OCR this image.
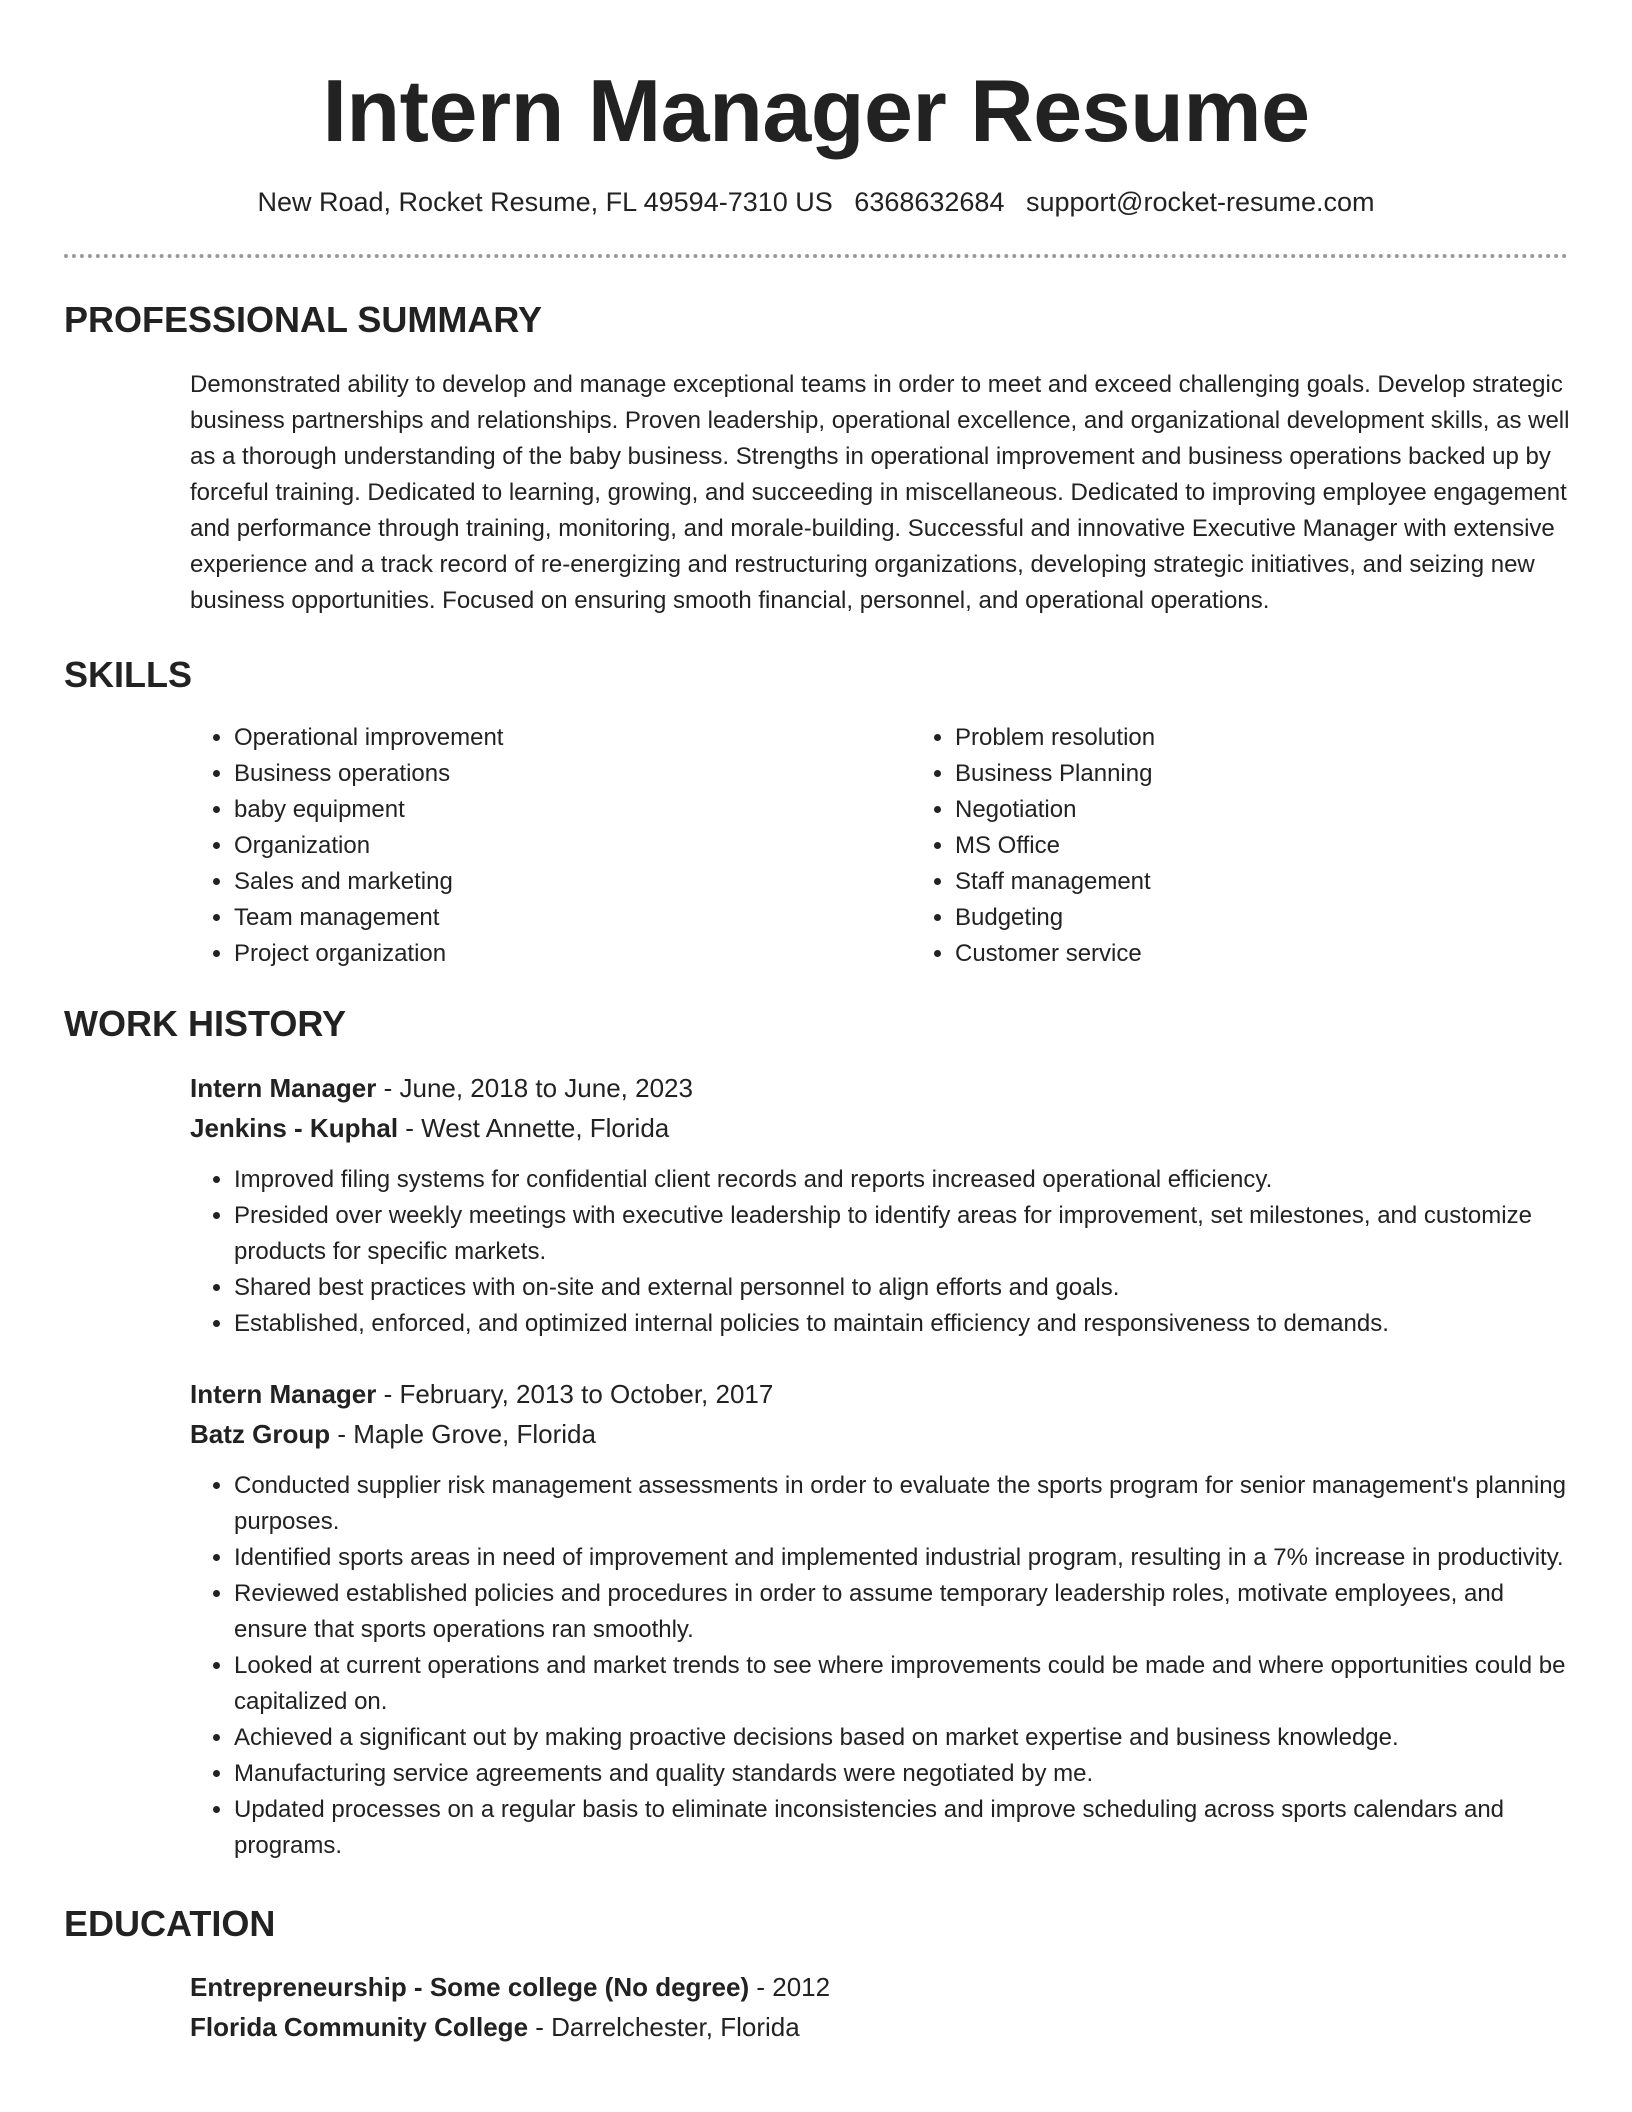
Intern Manager Resume
New Road, Rocket Resume, FL 49594-7310 US 6368632684 support@rocket-resume.com
PROFESSIONAL SUMMARY
Demonstrated ability to develop and manage exceptional teams in order to meet and exceed challenging goals. Develop strategic business partnerships and relationships. Proven leadership, operational excellence, and organizational development skills, as well as a thorough understanding of the baby business. Strengths in operational improvement and business operations backed up by forceful training. Dedicated to learning, growing, and succeeding in miscellaneous. Dedicated to improving employee engagement and performance through training, monitoring, and morale-building. Successful and innovative Executive Manager with extensive experience and a track record of re-energizing and restructuring organizations, developing strategic initiatives, and seizing new business opportunities. Focused on ensuring smooth financial, personnel, and operational operations.
SKILLS
• Operational improvement
• Business operations
• baby equipment
• Organization
• Sales and marketing
• Team management
• Project organization
• Problem resolution
• Business Planning
• Negotiation
• MS Office
• Staff management
• Budgeting
• Customer service
WORK HISTORY
Intern Manager - June, 2018 to June, 2023
Jenkins - Kuphal - West Annette, Florida
• Improved filing systems for confidential client records and reports increased operational efficiency.
• Presided over weekly meetings with executive leadership to identify areas for improvement, set milestones, and customize products for specific markets.
• Shared best practices with on-site and external personnel to align efforts and goals.
• Established, enforced, and optimized internal policies to maintain efficiency and responsiveness to demands.
Intern Manager - February, 2013 to October, 2017
Batz Group - Maple Grove, Florida
• Conducted supplier risk management assessments in order to evaluate the sports program for senior management's planning purposes.
• Identified sports areas in need of improvement and implemented industrial program, resulting in a 7% increase in productivity.
• Reviewed established policies and procedures in order to assume temporary leadership roles, motivate employees, and ensure that sports operations ran smoothly.
• Looked at current operations and market trends to see where improvements could be made and where opportunities could be capitalized on.
• Achieved a significant out by making proactive decisions based on market expertise and business knowledge.
• Manufacturing service agreements and quality standards were negotiated by me.
• Updated processes on a regular basis to eliminate inconsistencies and improve scheduling across sports calendars and programs.
EDUCATION
Entrepreneurship - Some college (No degree) - 2012
Florida Community College - Darrelchester, Florida
